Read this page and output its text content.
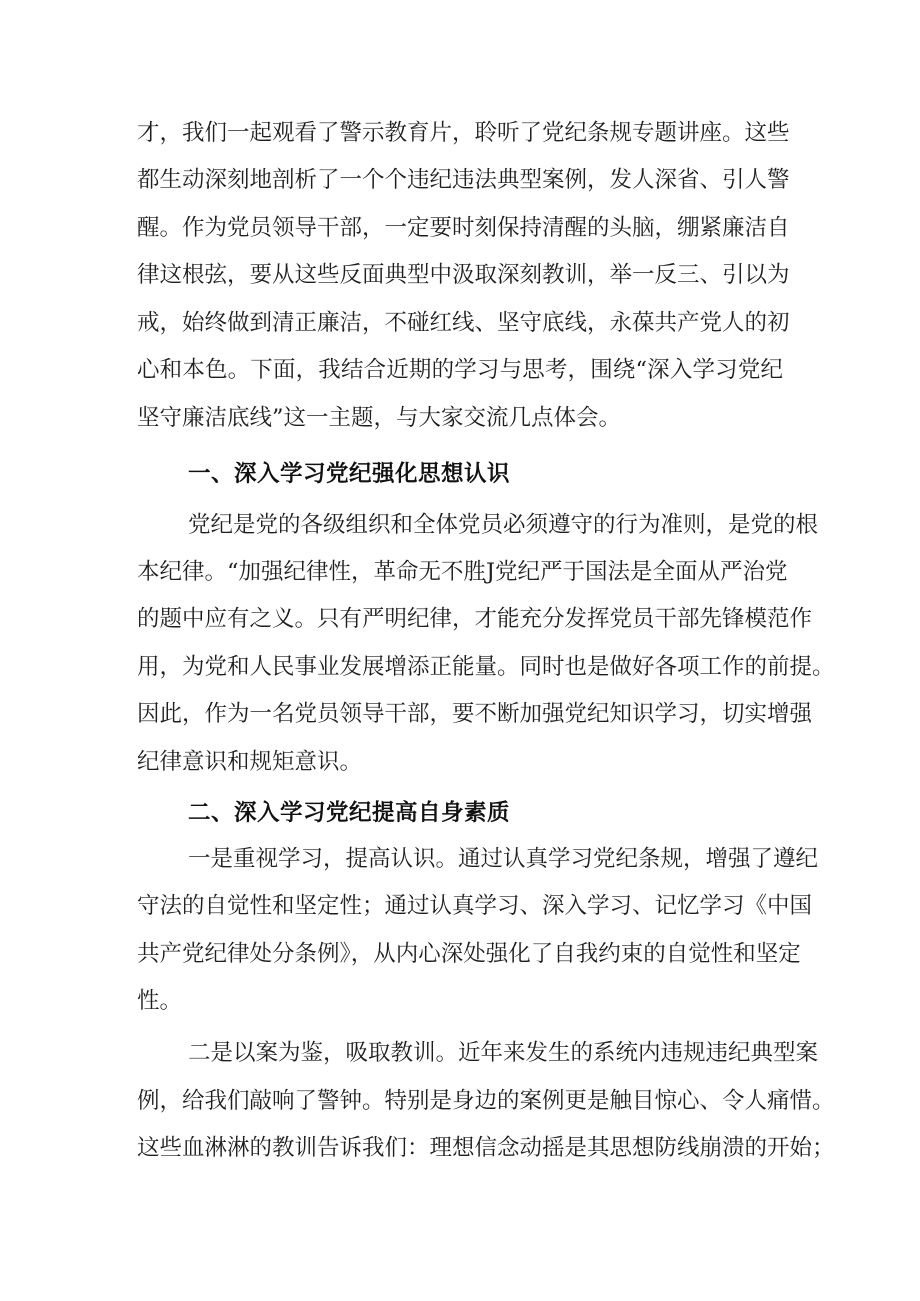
才，我们一起观看了警示教育片，聆听了党纪条规专题讲座。这些
都生动深刻地剖析了一个个违纪违法典型案例，发人深省、引人警
醒。作为党员领导干部，一定要时刻保持清醒的头脑，绷紧廉洁自
律这根弦，要从这些反面典型中汲取深刻教训，举一反三、引以为
戒，始终做到清正廉洁，不碰红线、坚守底线，永葆共产党人的初
心和本色。下面，我结合近期的学习与思考，围绕“深入学习党纪
坚守廉洁底线”这一主题，与大家交流几点体会。
一、深入学习党纪强化思想认识
党纪是党的各级组织和全体党员必须遵守的行为准则，是党的根
本纪律。“加强纪律性，革命无不胜J党纪严于国法是全面从严治党
的题中应有之义。只有严明纪律，才能充分发挥党员干部先锋模范作
用，为党和人民事业发展增添正能量。同时也是做好各项工作的前提。
因此，作为一名党员领导干部，要不断加强党纪知识学习，切实增强
纪律意识和规矩意识。
二、深入学习党纪提高自身素质
一是重视学习，提高认识。通过认真学习党纪条规，增强了遵纪
守法的自觉性和坚定性；通过认真学习、深入学习、记忆学习《中国
共产党纪律处分条例》，从内心深处强化了自我约束的自觉性和坚定
性。
二是以案为鉴，吸取教训。近年来发生的系统内违规违纪典型案
例，给我们敲响了警钟。特别是身边的案例更是触目惊心、令人痛惜。
这些血淋淋的教训告诉我们：理想信念动摇是其思想防线崩溃的开始；
